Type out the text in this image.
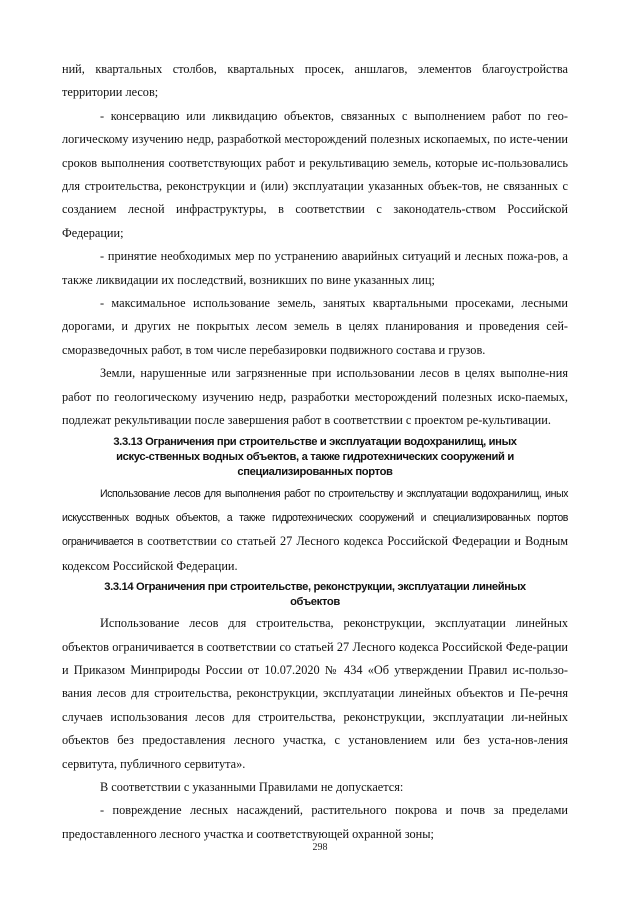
ний, квартальных столбов, квартальных просек, аншлагов, элементов благоустройства территории лесов;

- консервацию или ликвидацию объектов, связанных с выполнением работ по гео-логическому изучению недр, разработкой месторождений полезных ископаемых, по исте-чении сроков выполнения соответствующих работ и рекультивацию земель, которые ис-пользовались для строительства, реконструкции и (или) эксплуатации указанных объек-тов, не связанных с созданием лесной инфраструктуры, в соответствии с законодатель-ством Российской Федерации;

- принятие необходимых мер по устранению аварийных ситуаций и лесных пожа-ров, а также ликвидации их последствий, возникших по вине указанных лиц;

- максимальное использование земель, занятых квартальными просеками, лесными дорогами, и других не покрытых лесом земель в целях планирования и проведения сей-сморазведочных работ, в том числе перебазировки подвижного состава и грузов.

Земли, нарушенные или загрязненные при использовании лесов в целях выполне-ния работ по геологическому изучению недр, разработки месторождений полезных иско-паемых, подлежат рекультивации после завершения работ в соответствии с проектом ре-культивации.

3.3.13 Ограничения при строительстве и эксплуатации водохранилищ, иных искус-ственных водных объектов, а также гидротехнических сооружений и специализированных портов

Использование лесов для выполнения работ по строительству и эксплуатации водохранилищ, иных искусственных водных объектов, а также гидротехнических сооружений и специализированных портов ограничивается в соответствии со статьей 27 Лесного кодекса Российской Федерации и Водным кодексом Российской Федерации.

3.3.14 Ограничения при строительстве, реконструкции, эксплуатации линейных объектов

Использование лесов для строительства, реконструкции, эксплуатации линейных объектов ограничивается в соответствии со статьей 27 Лесного кодекса Российской Феде-рации и Приказом Минприроды России от 10.07.2020 № 434 «Об утверждении Правил ис-пользо-вания лесов для строительства, реконструкции, эксплуатации линейных объектов и Пе-речня случаев использования лесов для строительства, реконструкции, эксплуатации ли-нейных объектов без предоставления лесного участка, с установлением или без уста-нов-ления сервитута, публичного сервитута».

В соответствии с указанными Правилами не допускается:

- повреждение лесных насаждений, растительного покрова и почв за пределами предоставленного лесного участка и соответствующей охранной зоны;

298
